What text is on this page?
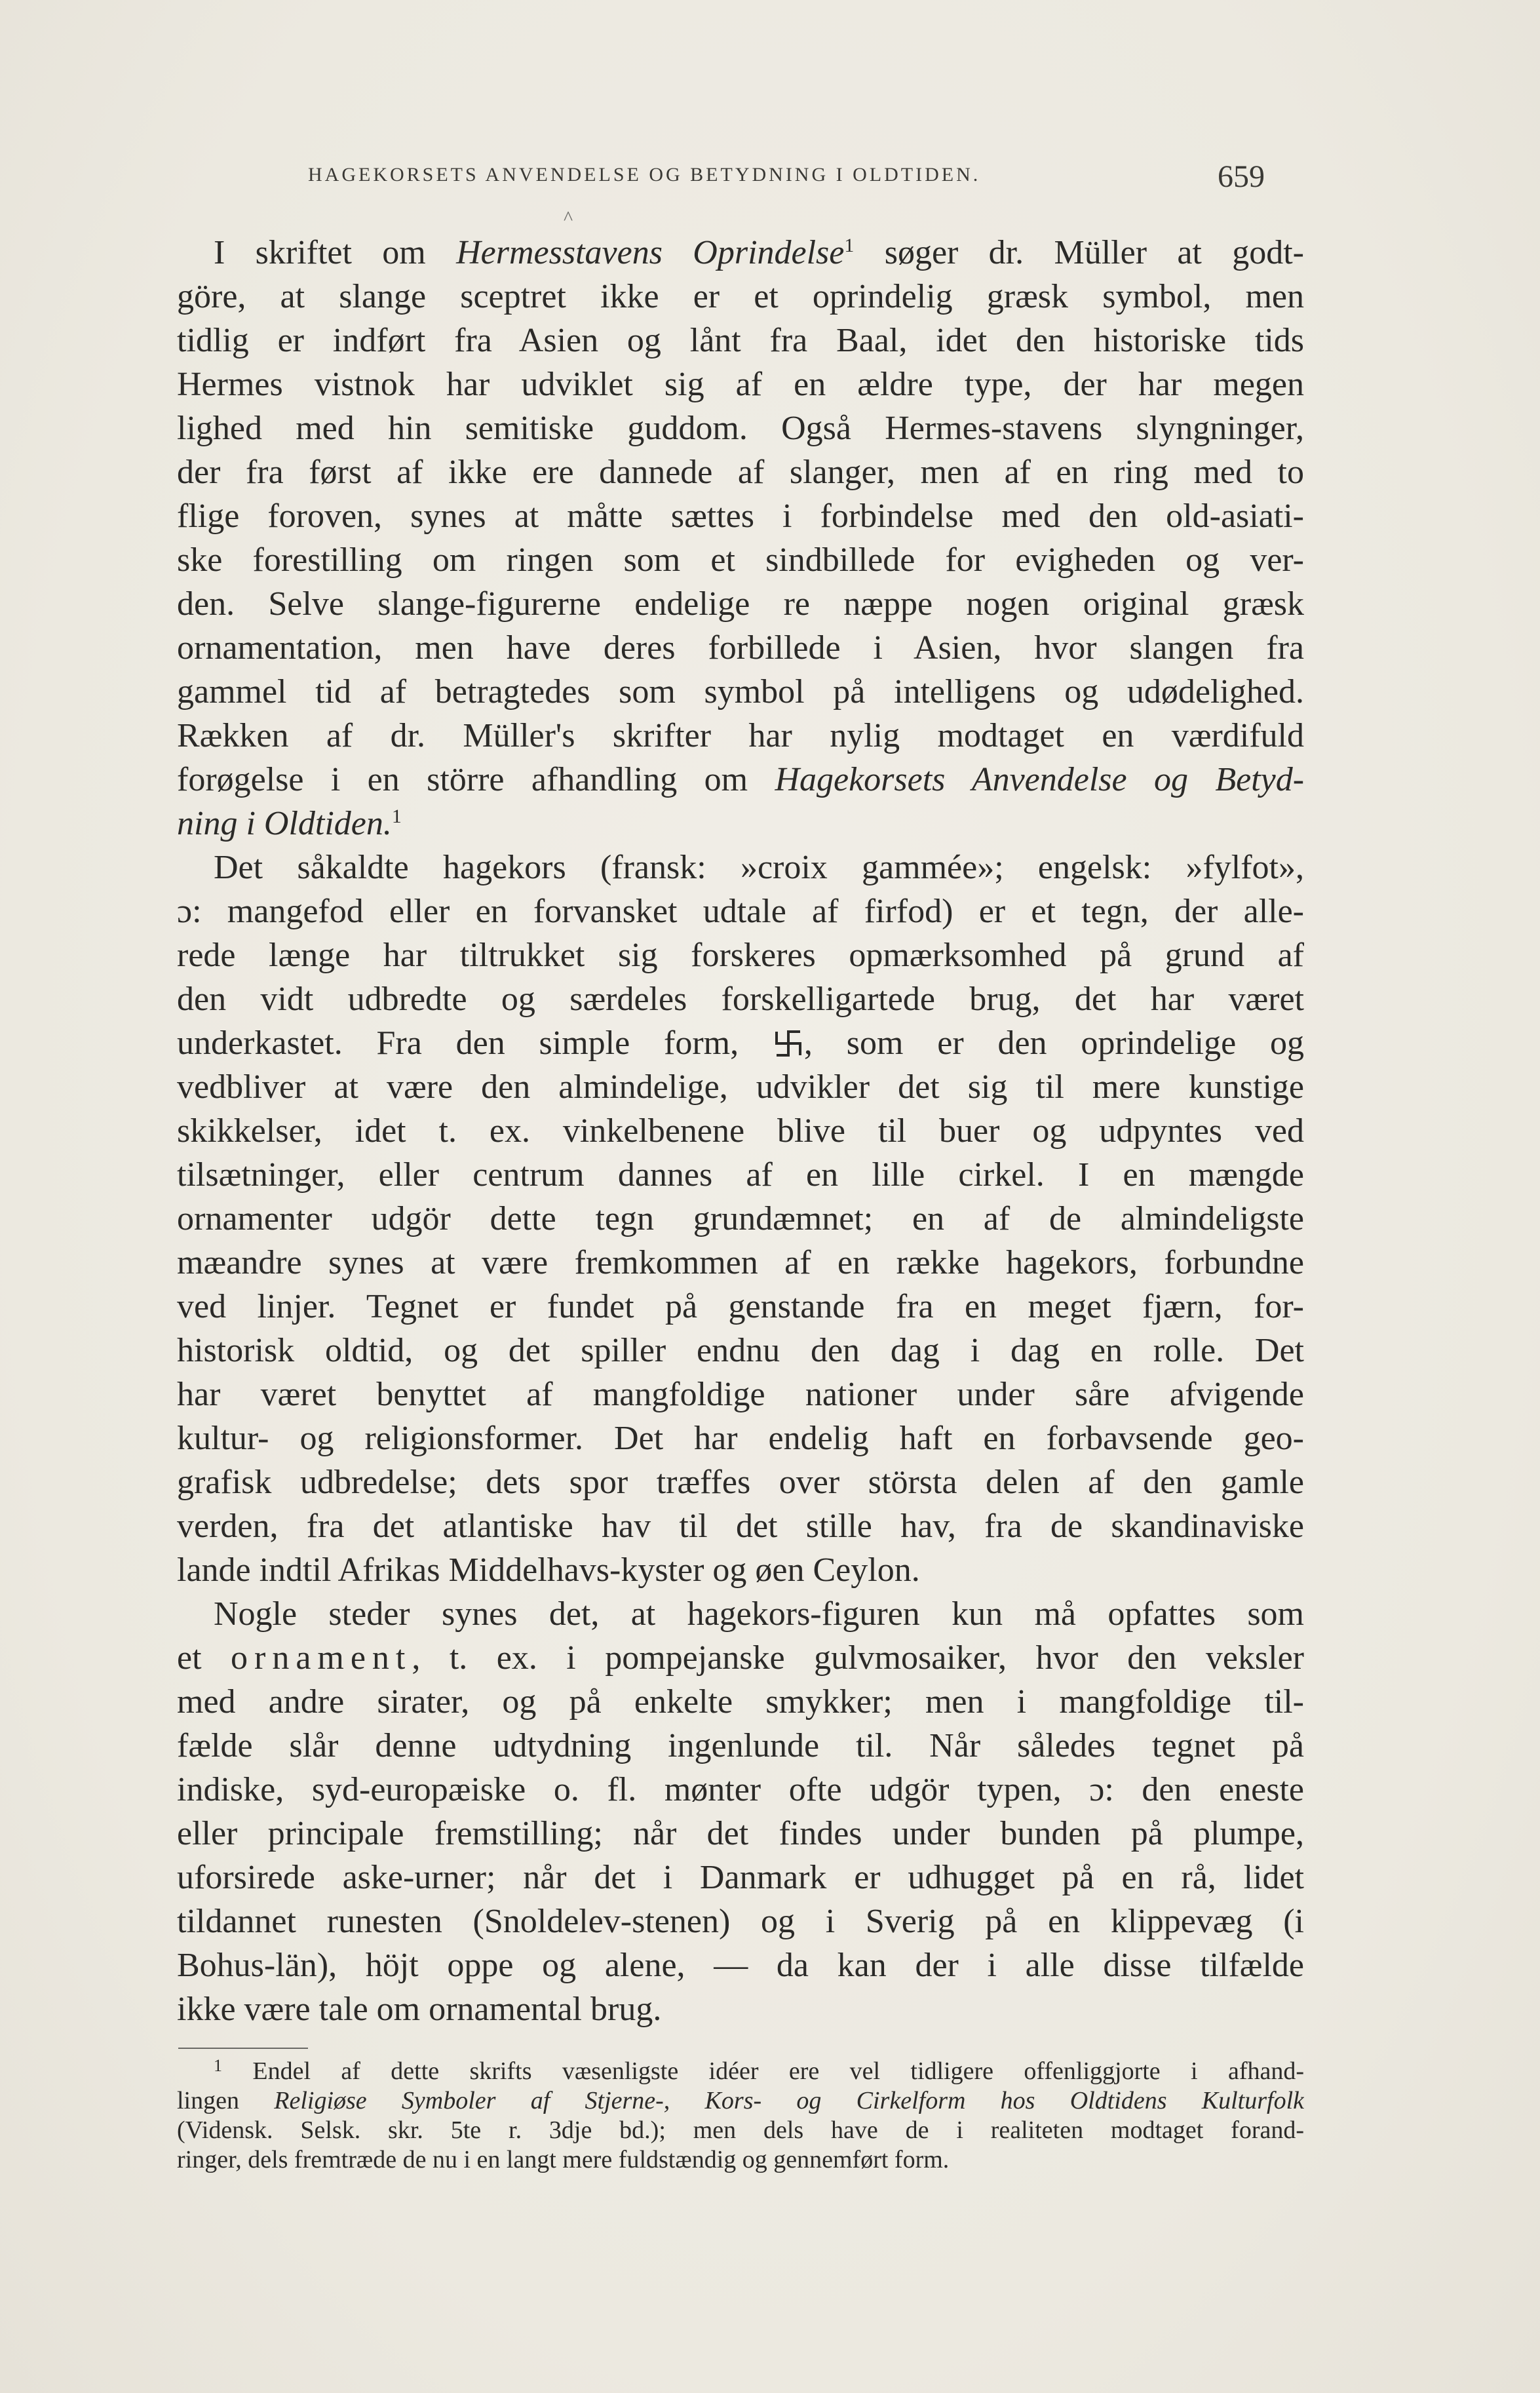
HAGEKORSETS ANVENDELSE OG BETYDNING I OLDTIDEN.	659
^
I skriftet om Hermesstavens Oprindelse$^1$ søger dr. Müller at godt-
göre, at slange sceptret ikke er et oprindelig græsk symbol, men
tidlig er indført fra Asien og lånt fra Baal, idet den historiske tids
Hermes vistnok har udviklet sig af en ældre type, der har megen
lighed med hin semitiske guddom. Også Hermes-stavens slyngninger,
der fra først af ikke ere dannede af slanger, men af en ring med to
flige foroven, synes at måtte sættes i forbindelse med den old-asiati-
ske forestilling om ringen som et sindbillede for evigheden og ver-
den. Selve slange-figurerne endelige re næppe nogen original græsk
ornamentation, men have deres forbillede i Asien, hvor slangen fra
gammel tid af betragtedes som symbol på intelligens og udødelighed.
Rækken af dr. Müller's skrifter har nylig modtaget en værdifuld
forøgelse i en större afhandling om Hagekorsets Anvendelse og Betyd-
ning i Oldtiden.$^1$
Det såkaldte hagekors (fransk: »croix gammée»; engelsk: »fylfot»,
ɔ: mangefod eller en forvansket udtale af firfod) er et tegn, der alle-
rede længe har tiltrukket sig forskeres opmærksomhed på grund af
den vidt udbredte og særdeles forskelligartede brug, det har været
underkastet. Fra den simple form, , som er den oprindelige og
vedbliver at være den almindelige, udvikler det sig til mere kunstige
skikkelser, idet t. ex. vinkelbenene blive til buer og udpyntes ved
tilsætninger, eller centrum dannes af en lille cirkel. I en mængde
ornamenter udgör dette tegn grundæmnet; en af de almindeligste
mæandre synes at være fremkommen af en række hagekors, forbundne
ved linjer. Tegnet er fundet på genstande fra en meget fjærn, for-
historisk oldtid, og det spiller endnu den dag i dag en rolle. Det
har været benyttet af mangfoldige nationer under såre afvigende
kultur- og religionsformer. Det har endelig haft en forbavsende geo-
grafisk udbredelse; dets spor træffes over största delen af den gamle
verden, fra det atlantiske hav til det stille hav, fra de skandinaviske
lande indtil Afrikas Middelhavs-kyster og øen Ceylon.
Nogle steder synes det, at hagekors-figuren kun må opfattes som
et ornament, t. ex. i pompejanske gulvmosaiker, hvor den veksler
med andre sirater, og på enkelte smykker; men i mangfoldige til-
fælde slår denne udtydning ingenlunde til. Når således tegnet på
indiske, syd-europæiske o. fl. mønter ofte udgör typen, ɔ: den eneste
eller principale fremstilling; når det findes under bunden på plumpe,
uforsirede aske-urner; når det i Danmark er udhugget på en rå, lidet
tildannet runesten (Snoldelev-stenen) og i Sverig på en klippevæg (i
Bohus-län), höjt oppe og alene, — da kan der i alle disse tilfælde
ikke være tale om ornamental brug.
$^1$ Endel af dette skrifts væsenligste idéer ere vel tidligere offenliggjorte i afhand-
lingen Religiøse Symboler af Stjerne-, Kors- og Cirkelform hos Oldtidens Kulturfolk
(Vidensk. Selsk. skr. 5te r. 3dje bd.); men dels have de i realiteten modtaget forand-
ringer, dels fremtræde de nu i en langt mere fuldstændig og gennemført form.
